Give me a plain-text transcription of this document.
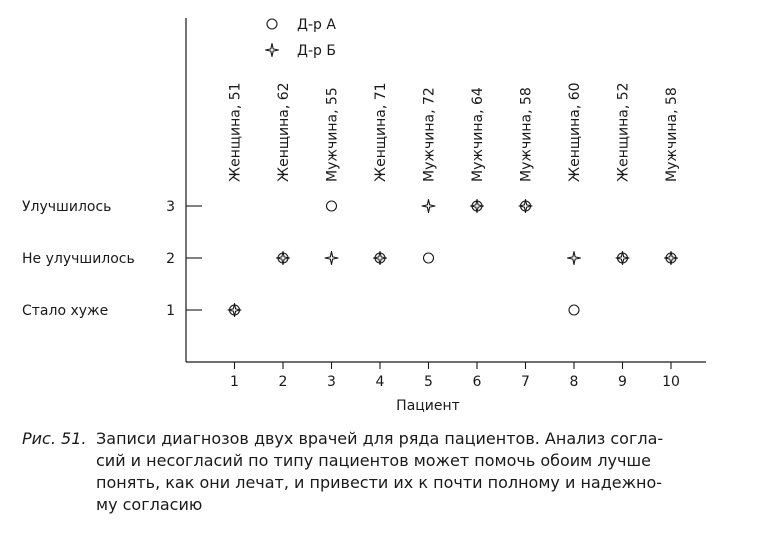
1	2	3	4	5	6	7	8	9	10
Пациент
1
Стало хуже
2
Не улучшилось
3
Улучшилось
Женщина, 51 Женщина, 62 Мужчина, 55 Женщина, 71 Мужчина, 72 Мужчина, 64 Мужчина, 58 Женщина, 60 Женщина, 52 Мужчина, 58
Д-р А
Д-р Б
Рис. 51. Записи диагнозов двух врачей для ряда пациентов. Анализ согла-
сий и несогласий по типу пациентов может помочь обоим лучше
понять, как они лечат, и привести их к почти полному и надежно-
му согласию
